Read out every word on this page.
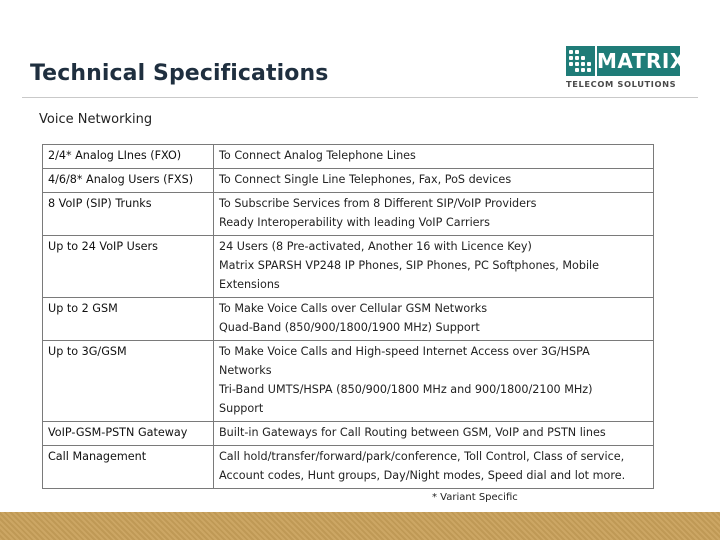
Technical Specifications	MATRIX
TELECOM SOLUTIONS
Voice Networking
2/4* Analog LInes (FXO)	To Connect Analog Telephone Lines

4/6/8* Analog Users (FXS)	To Connect Single Line Telephones, Fax, PoS devices

8 VoIP (SIP) Trunks	To Subscribe Services from 8 Different SIP/VoIP Providers
Ready Interoperability with leading VoIP Carriers

Up to 24 VoIP Users	24 Users (8 Pre-activated, Another 16 with Licence Key)
Matrix SPARSH VP248 IP Phones, SIP Phones, PC Softphones, Mobile
Extensions

Up to 2 GSM	To Make Voice Calls over Cellular GSM Networks
Quad-Band (850/900/1800/1900 MHz) Support

Up to 3G/GSM	To Make Voice Calls and High-speed Internet Access over 3G/HSPA
Networks
Tri-Band UMTS/HSPA (850/900/1800 MHz and 900/1800/2100 MHz)
Support

VoIP-GSM-PSTN Gateway	Built-in Gateways for Call Routing between GSM, VoIP and PSTN lines

Call Management	Call hold/transfer/forward/park/conference, Toll Control, Class of service,
Account codes, Hunt groups, Day/Night modes, Speed dial and lot more.
* Variant Specific
